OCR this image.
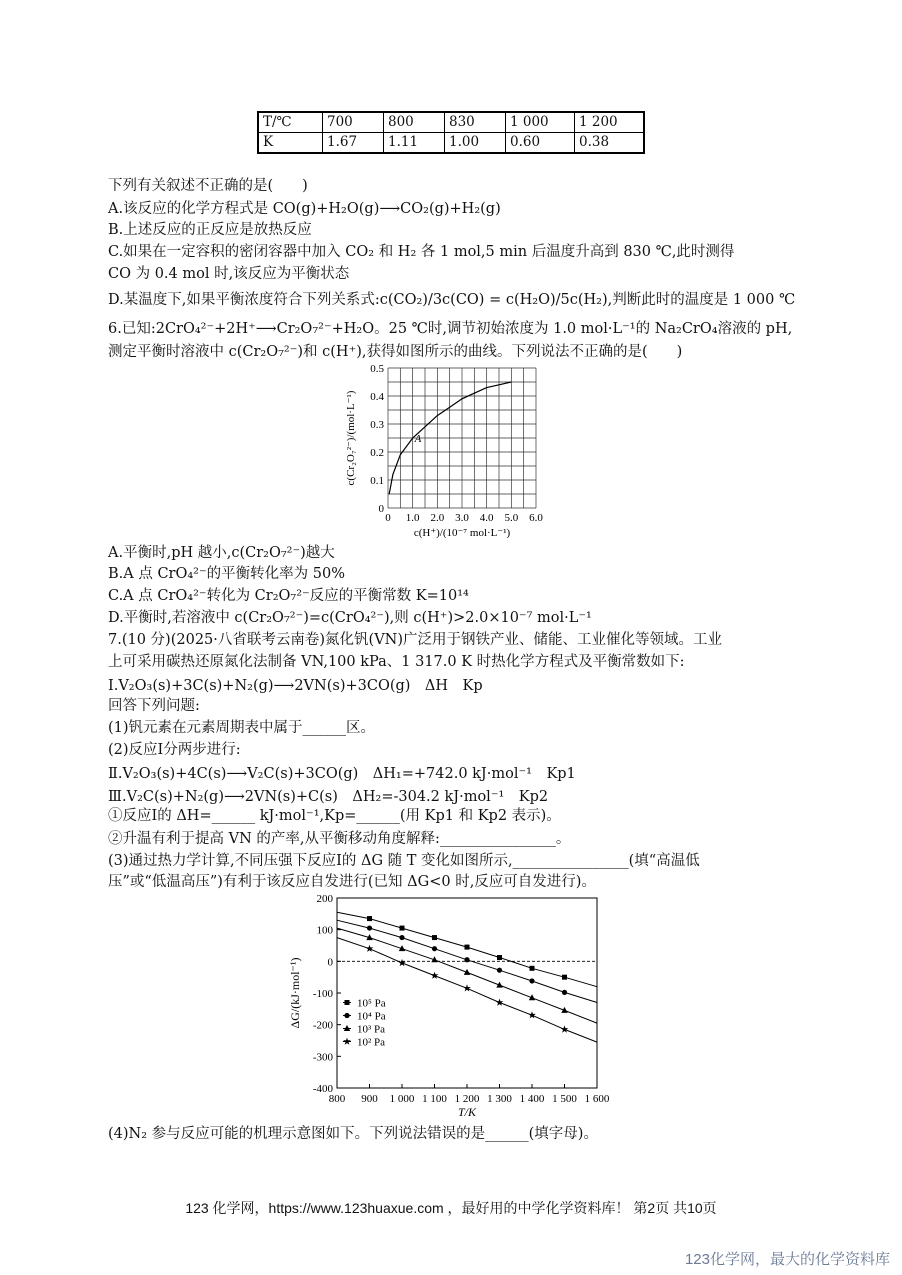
T/℃	700	800	830	1 000	1 200
K	1.67	1.11	1.00	0.60	0.38
下列有关叙述不正确的是(　　)
A.该反应的化学方程式是 CO(g)+H₂O(g)⟶CO₂(g)+H₂(g)
B.上述反应的正反应是放热反应
C.如果在一定容积的密闭容器中加入 CO₂ 和 H₂ 各 1 mol,5 min 后温度升高到 830 ℃,此时测得
CO 为 0.4 mol 时,该反应为平衡状态
D.某温度下,如果平衡浓度符合下列关系式:c(CO₂)/3c(CO) = c(H₂O)/5c(H₂),判断此时的温度是 1 000 ℃
6.已知:2CrO₄²⁻+2H⁺⟶Cr₂O₇²⁻+H₂O。25 ℃时,调节初始浓度为 1.0 mol·L⁻¹的 Na₂CrO₄溶液的 pH,
测定平衡时溶液中 c(Cr₂O₇²⁻)和 c(H⁺),获得如图所示的曲线。下列说法不正确的是(　　)
0 1.0 2.0 3.0 4.0 5.0 6.0
0
0.1
0.2
0.3
0.4
0.5
A
c(H⁺)/(10⁻⁷ mol·L⁻¹)
c(Cr₂O₇²⁻)/(mol·L⁻¹)
A.平衡时,pH 越小,c(Cr₂O₇²⁻)越大
B.A 点 CrO₄²⁻的平衡转化率为 50%
C.A 点 CrO₄²⁻转化为 Cr₂O₇²⁻反应的平衡常数 K=10¹⁴
D.平衡时,若溶液中 c(Cr₂O₇²⁻)=c(CrO₄²⁻),则 c(H⁺)>2.0×10⁻⁷ mol·L⁻¹
7.(10 分)(2025·八省联考云南卷)氮化钒(VN)广泛用于钢铁产业、储能、工业催化等领域。工业
上可采用碳热还原氮化法制备 VN,100 kPa、1 317.0 K 时热化学方程式及平衡常数如下:
Ⅰ.V₂O₃(s)+3C(s)+N₂(g)⟶2VN(s)+3CO(g)　ΔH　Kp
回答下列问题:
(1)钒元素在元素周期表中属于______区。
(2)反应Ⅰ分两步进行:
Ⅱ.V₂O₃(s)+4C(s)⟶V₂C(s)+3CO(g)　ΔH₁=+742.0 kJ·mol⁻¹　Kp1
Ⅲ.V₂C(s)+N₂(g)⟶2VN(s)+C(s)　ΔH₂=-304.2 kJ·mol⁻¹　Kp2
①反应Ⅰ的 ΔH=______ kJ·mol⁻¹,Kp=______(用 Kp1 和 Kp2 表示)。
②升温有利于提高 VN 的产率,从平衡移动角度解释:________________。
(3)通过热力学计算,不同压强下反应Ⅰ的 ΔG 随 T 变化如图所示,________________(填“高温低
压”或“低温高压”)有利于该反应自发进行(已知 ΔG<0 时,反应可自发进行)。
800 900 1 000 1 100 1 200 1 300 1 400 1 500 1 600
200
100
0
-100
-200
-300
-400
10⁵ Pa
10⁴ Pa
10³ Pa
10² Pa
T/K
ΔG/(kJ·mol⁻¹)
(4)N₂ 参与反应可能的机理示意图如下。下列说法错误的是______(填字母)。
123 化学网，https://www.123huaxue.com ，最好用的中学化学资料库！ 第2页 共10页
123化学网，最大的化学资料库
